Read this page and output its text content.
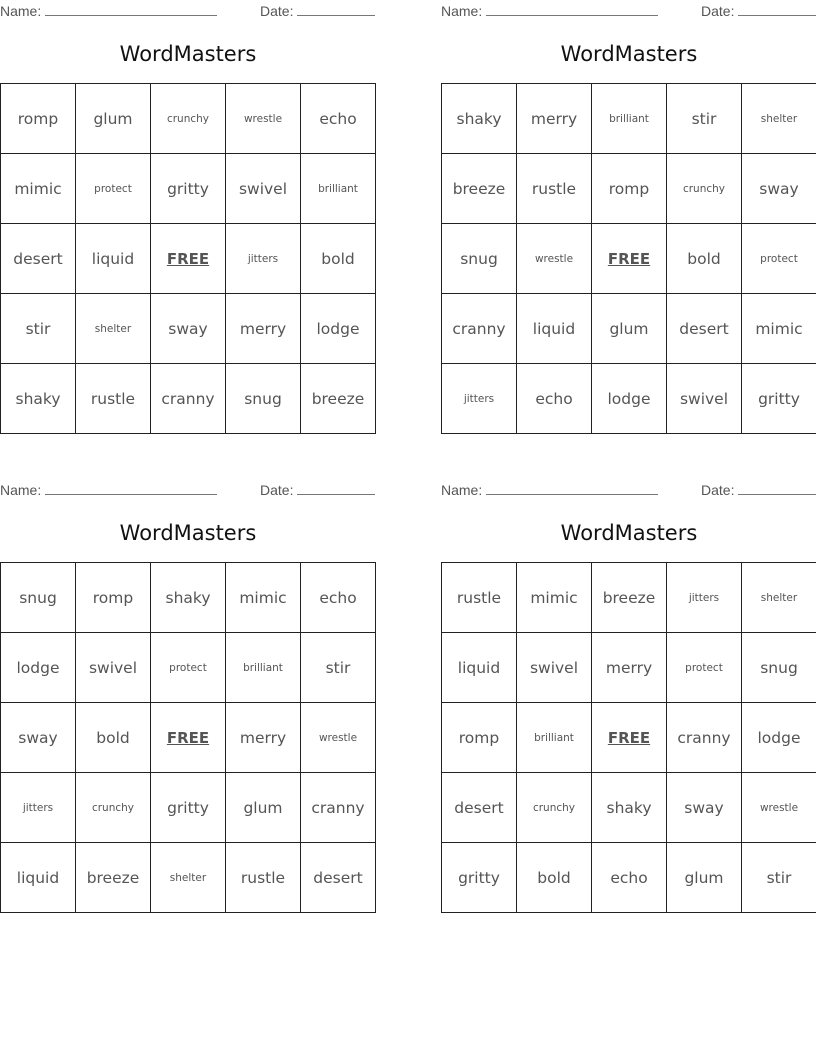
Name:	Date:
WordMasters
romp	glum	crunchy	wrestle	echo
mimic	protect	gritty	swivel	brilliant
desert	liquid	FREE	jitters	bold
stir	shelter	sway	merry	lodge
shaky	rustle	cranny	snug	breeze
Name:	Date:
WordMasters
shaky	merry	brilliant	stir	shelter
breeze	rustle	romp	crunchy	sway
snug	wrestle	FREE	bold	protect
cranny	liquid	glum	desert	mimic
jitters	echo	lodge	swivel	gritty
Name:	Date:
WordMasters
snug	romp	shaky	mimic	echo
lodge	swivel	protect	brilliant	stir
sway	bold	FREE	merry	wrestle
jitters	crunchy	gritty	glum	cranny
liquid	breeze	shelter	rustle	desert
Name:	Date:
WordMasters
rustle	mimic	breeze	jitters	shelter
liquid	swivel	merry	protect	snug
romp	brilliant	FREE	cranny	lodge
desert	crunchy	shaky	sway	wrestle
gritty	bold	echo	glum	stir
